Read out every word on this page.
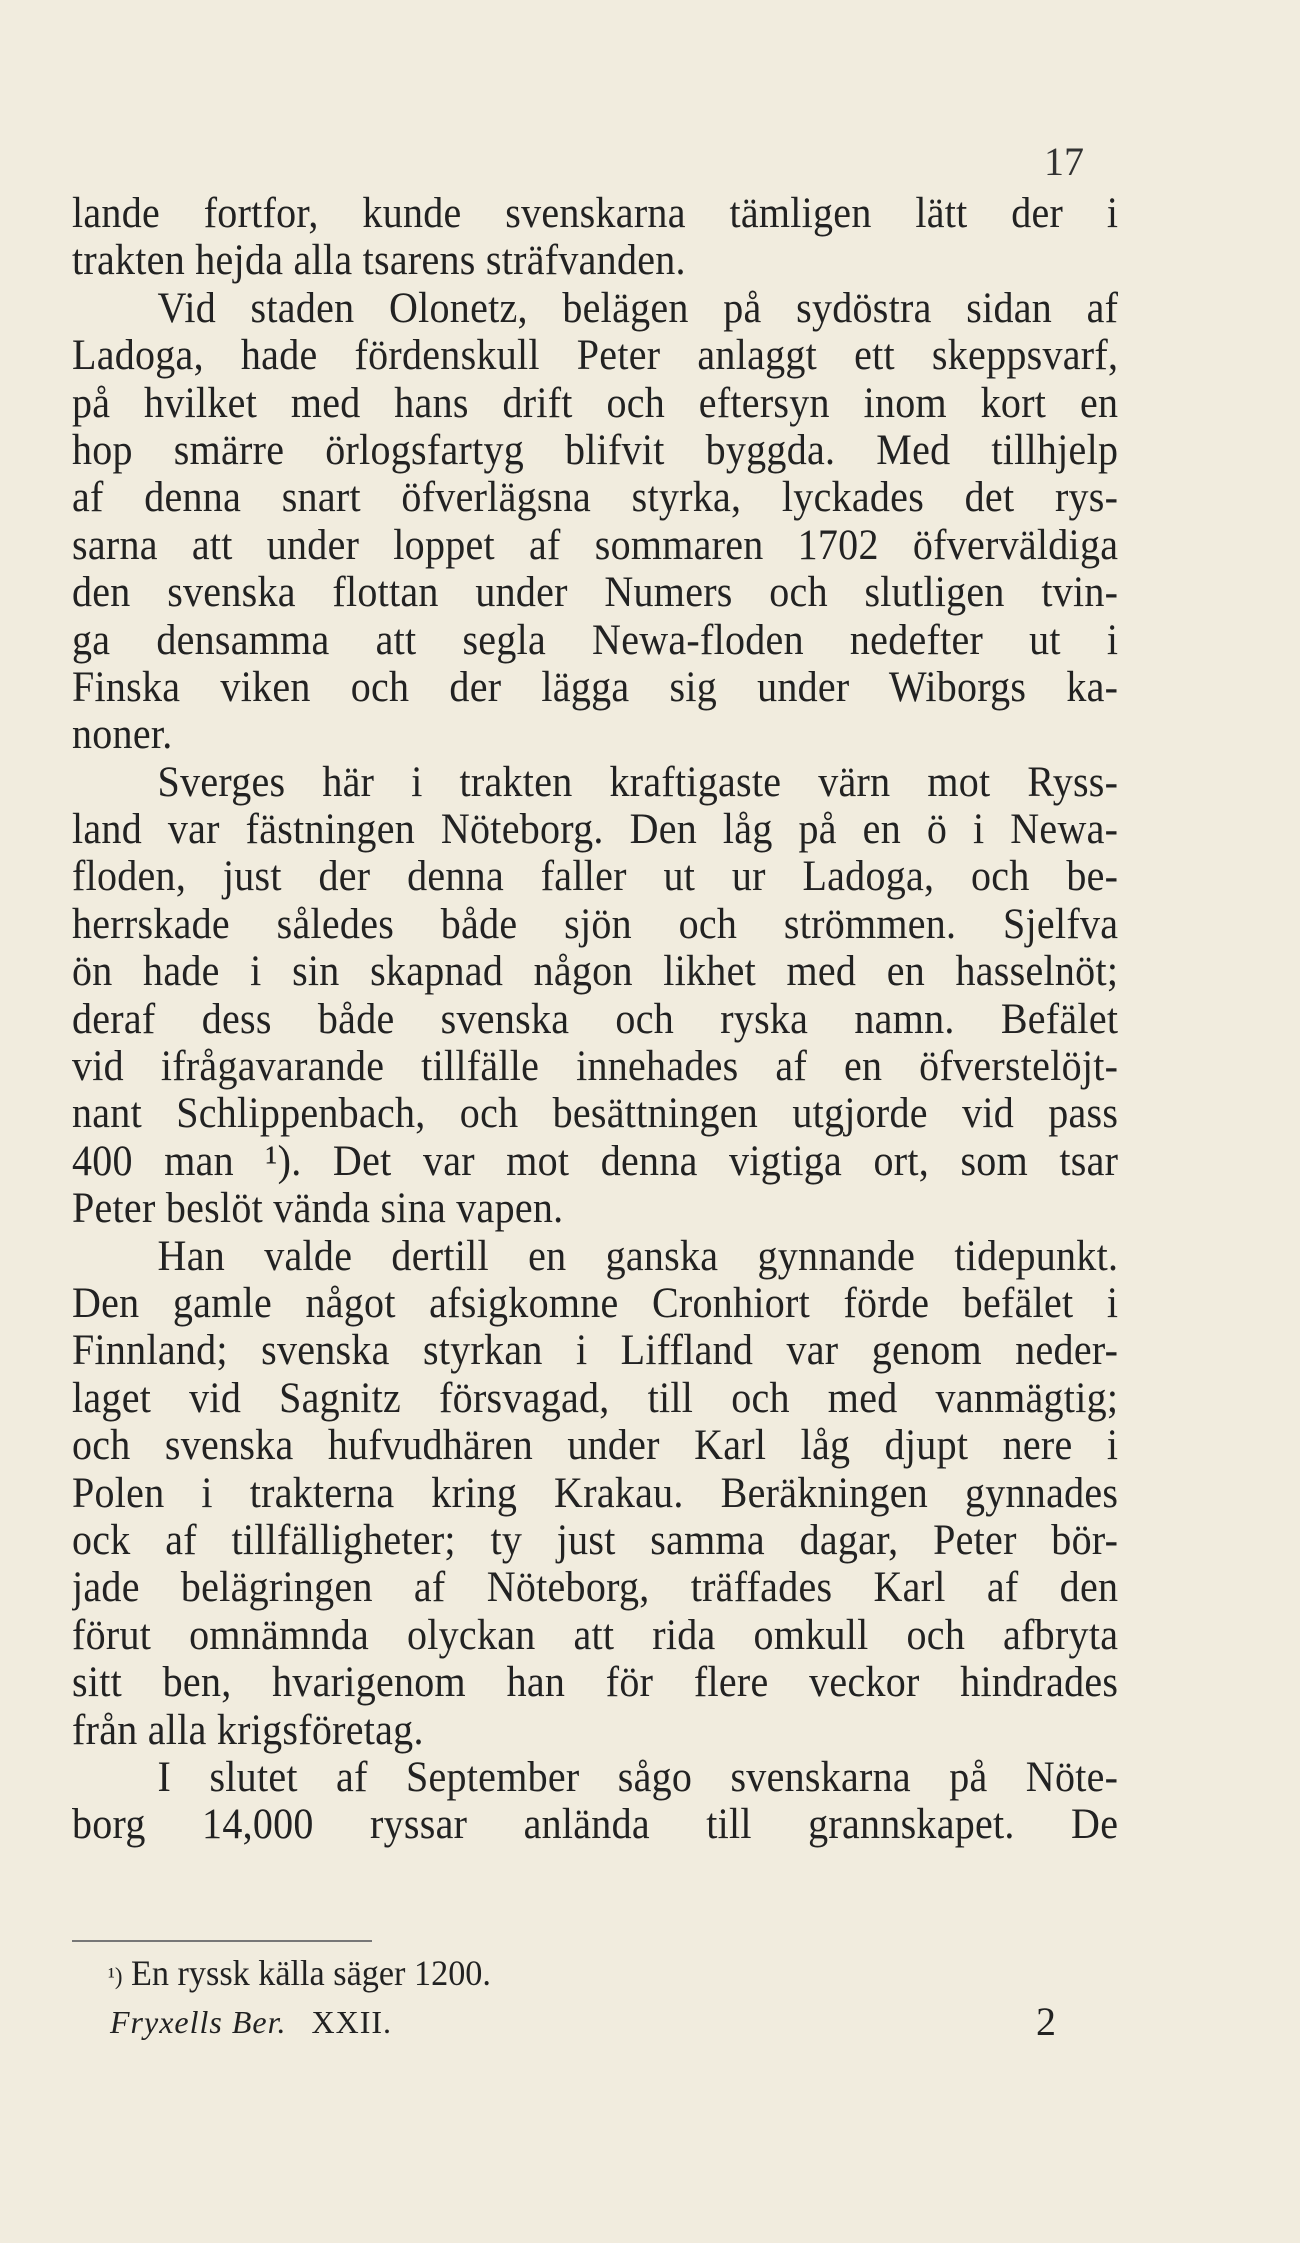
17
lande fortfor, kunde svenskarna tämligen lätt der i
trakten hejda alla tsarens sträfvanden.
Vid staden Olonetz, belägen på sydöstra sidan af
Ladoga, hade fördenskull Peter anlaggt ett skeppsvarf,
på hvilket med hans drift och eftersyn inom kort en
hop smärre örlogsfartyg blifvit byggda. Med tillhjelp
af denna snart öfverlägsna styrka, lyckades det rys-
sarna att under loppet af sommaren 1702 öfverväldiga
den svenska flottan under Numers och slutligen tvin-
ga densamma att segla Newa-floden nedefter ut i
Finska viken och der lägga sig under Wiborgs ka-
noner.
Sverges här i trakten kraftigaste värn mot Ryss-
land var fästningen Nöteborg. Den låg på en ö i Newa-
floden, just der denna faller ut ur Ladoga, och be-
herrskade således både sjön och strömmen. Sjelfva
ön hade i sin skapnad någon likhet med en hasselnöt;
deraf dess både svenska och ryska namn. Befälet
vid ifrågavarande tillfälle innehades af en öfverstelöjt-
nant Schlippenbach, och besättningen utgjorde vid pass
400 man ¹). Det var mot denna vigtiga ort, som tsar
Peter beslöt vända sina vapen.
Han valde dertill en ganska gynnande tidepunkt.
Den gamle något afsigkomne Cronhiort förde befälet i
Finnland; svenska styrkan i Liffland var genom neder-
laget vid Sagnitz försvagad, till och med vanmägtig;
och svenska hufvudhären under Karl låg djupt nere i
Polen i trakterna kring Krakau. Beräkningen gynnades
ock af tillfälligheter; ty just samma dagar, Peter bör-
jade belägringen af Nöteborg, träffades Karl af den
förut omnämnda olyckan att rida omkull och afbryta
sitt ben, hvarigenom han för flere veckor hindrades
från alla krigsföretag.
I slutet af September sågo svenskarna på Nöte-
borg 14,000 ryssar anlända till grannskapet. De
$^{^1)}$ En ryssk källa säger 1200.
Fryxells Ber. XXII.	2
